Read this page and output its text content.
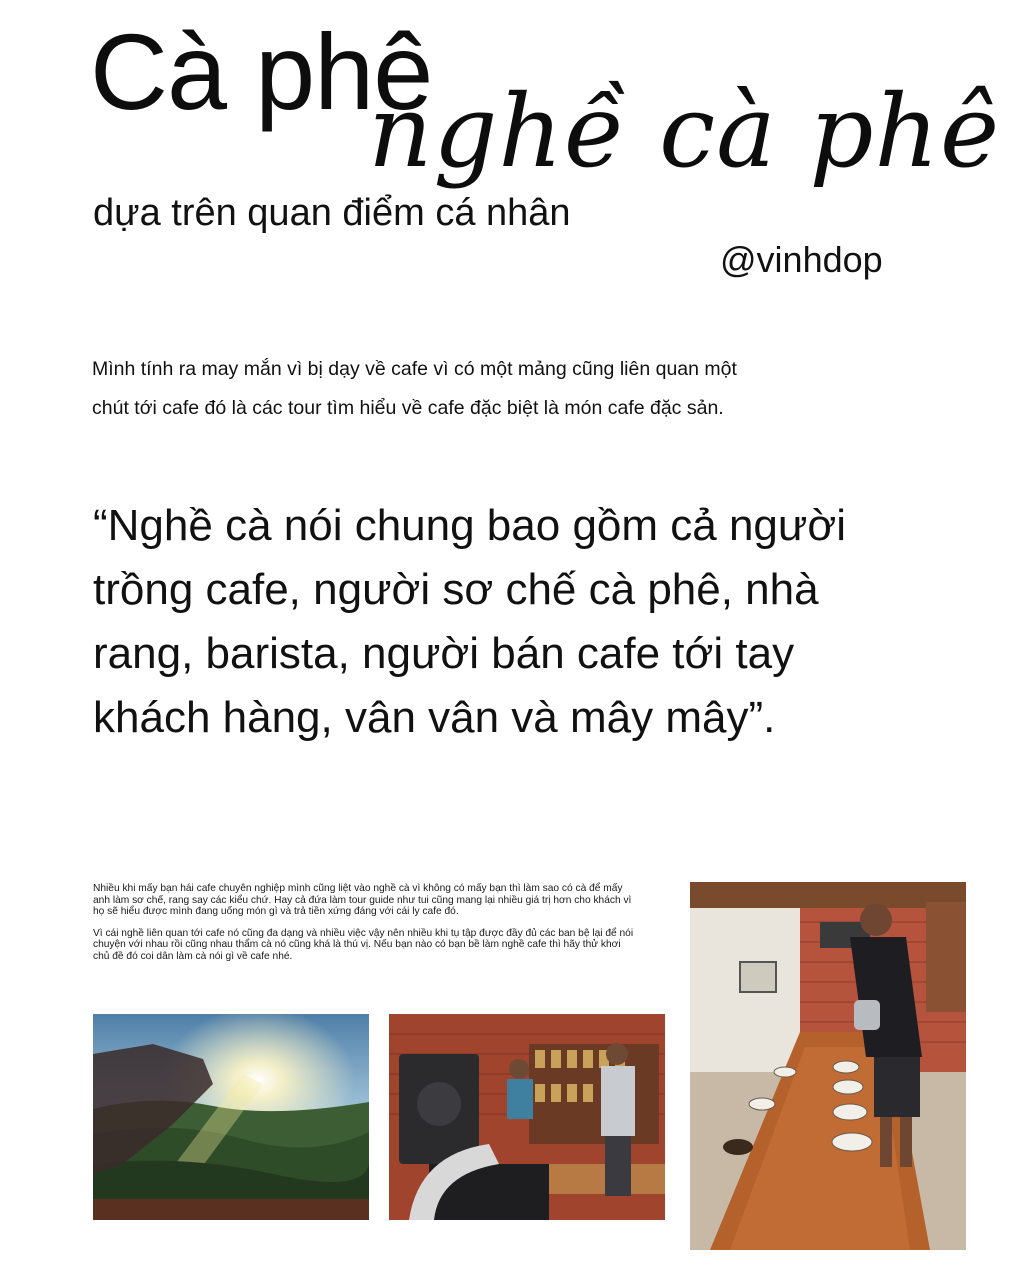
Cà phê
nghề cà phê
dựa trên quan điểm cá nhân
@vinhdop
Mình tính ra may mắn vì bị dạy về cafe vì có một mảng cũng liên quan một
chút tới cafe đó là các tour tìm hiểu về cafe đặc biệt là món cafe đặc sản.
“Nghề cà nói chung bao gồm cả người trồng cafe, người sơ chế cà phê, nhà rang, barista, người bán cafe tới tay khách hàng, vân vân và mây mây”.

Nhiều khi mấy bạn hái cafe chuyên nghiệp mình cũng liệt vào nghề cà vì không có mấy bạn thì làm sao có cà để mấy anh làm sơ chế, rang say các kiểu chứ. Hay cả đứa làm tour guide như tui cũng mang lại nhiều giá trị hơn cho khách vì họ sẽ hiểu được mình đang uống món gì và trả tiền xứng đáng với cái ly cafe đó.

Vì cái nghề liên quan tới cafe nó cũng đa dạng và nhiều việc vậy nên nhiều khi tụ tập được đầy đủ các ban bệ lại để nói chuyện với nhau rồi cũng nhau thẩm cà nó cũng khá là thú vị. Nếu bạn nào có bạn bề làm nghề cafe thì hãy thử khơi chủ đề đó coi dân làm cà nói gì về cafe nhé.
